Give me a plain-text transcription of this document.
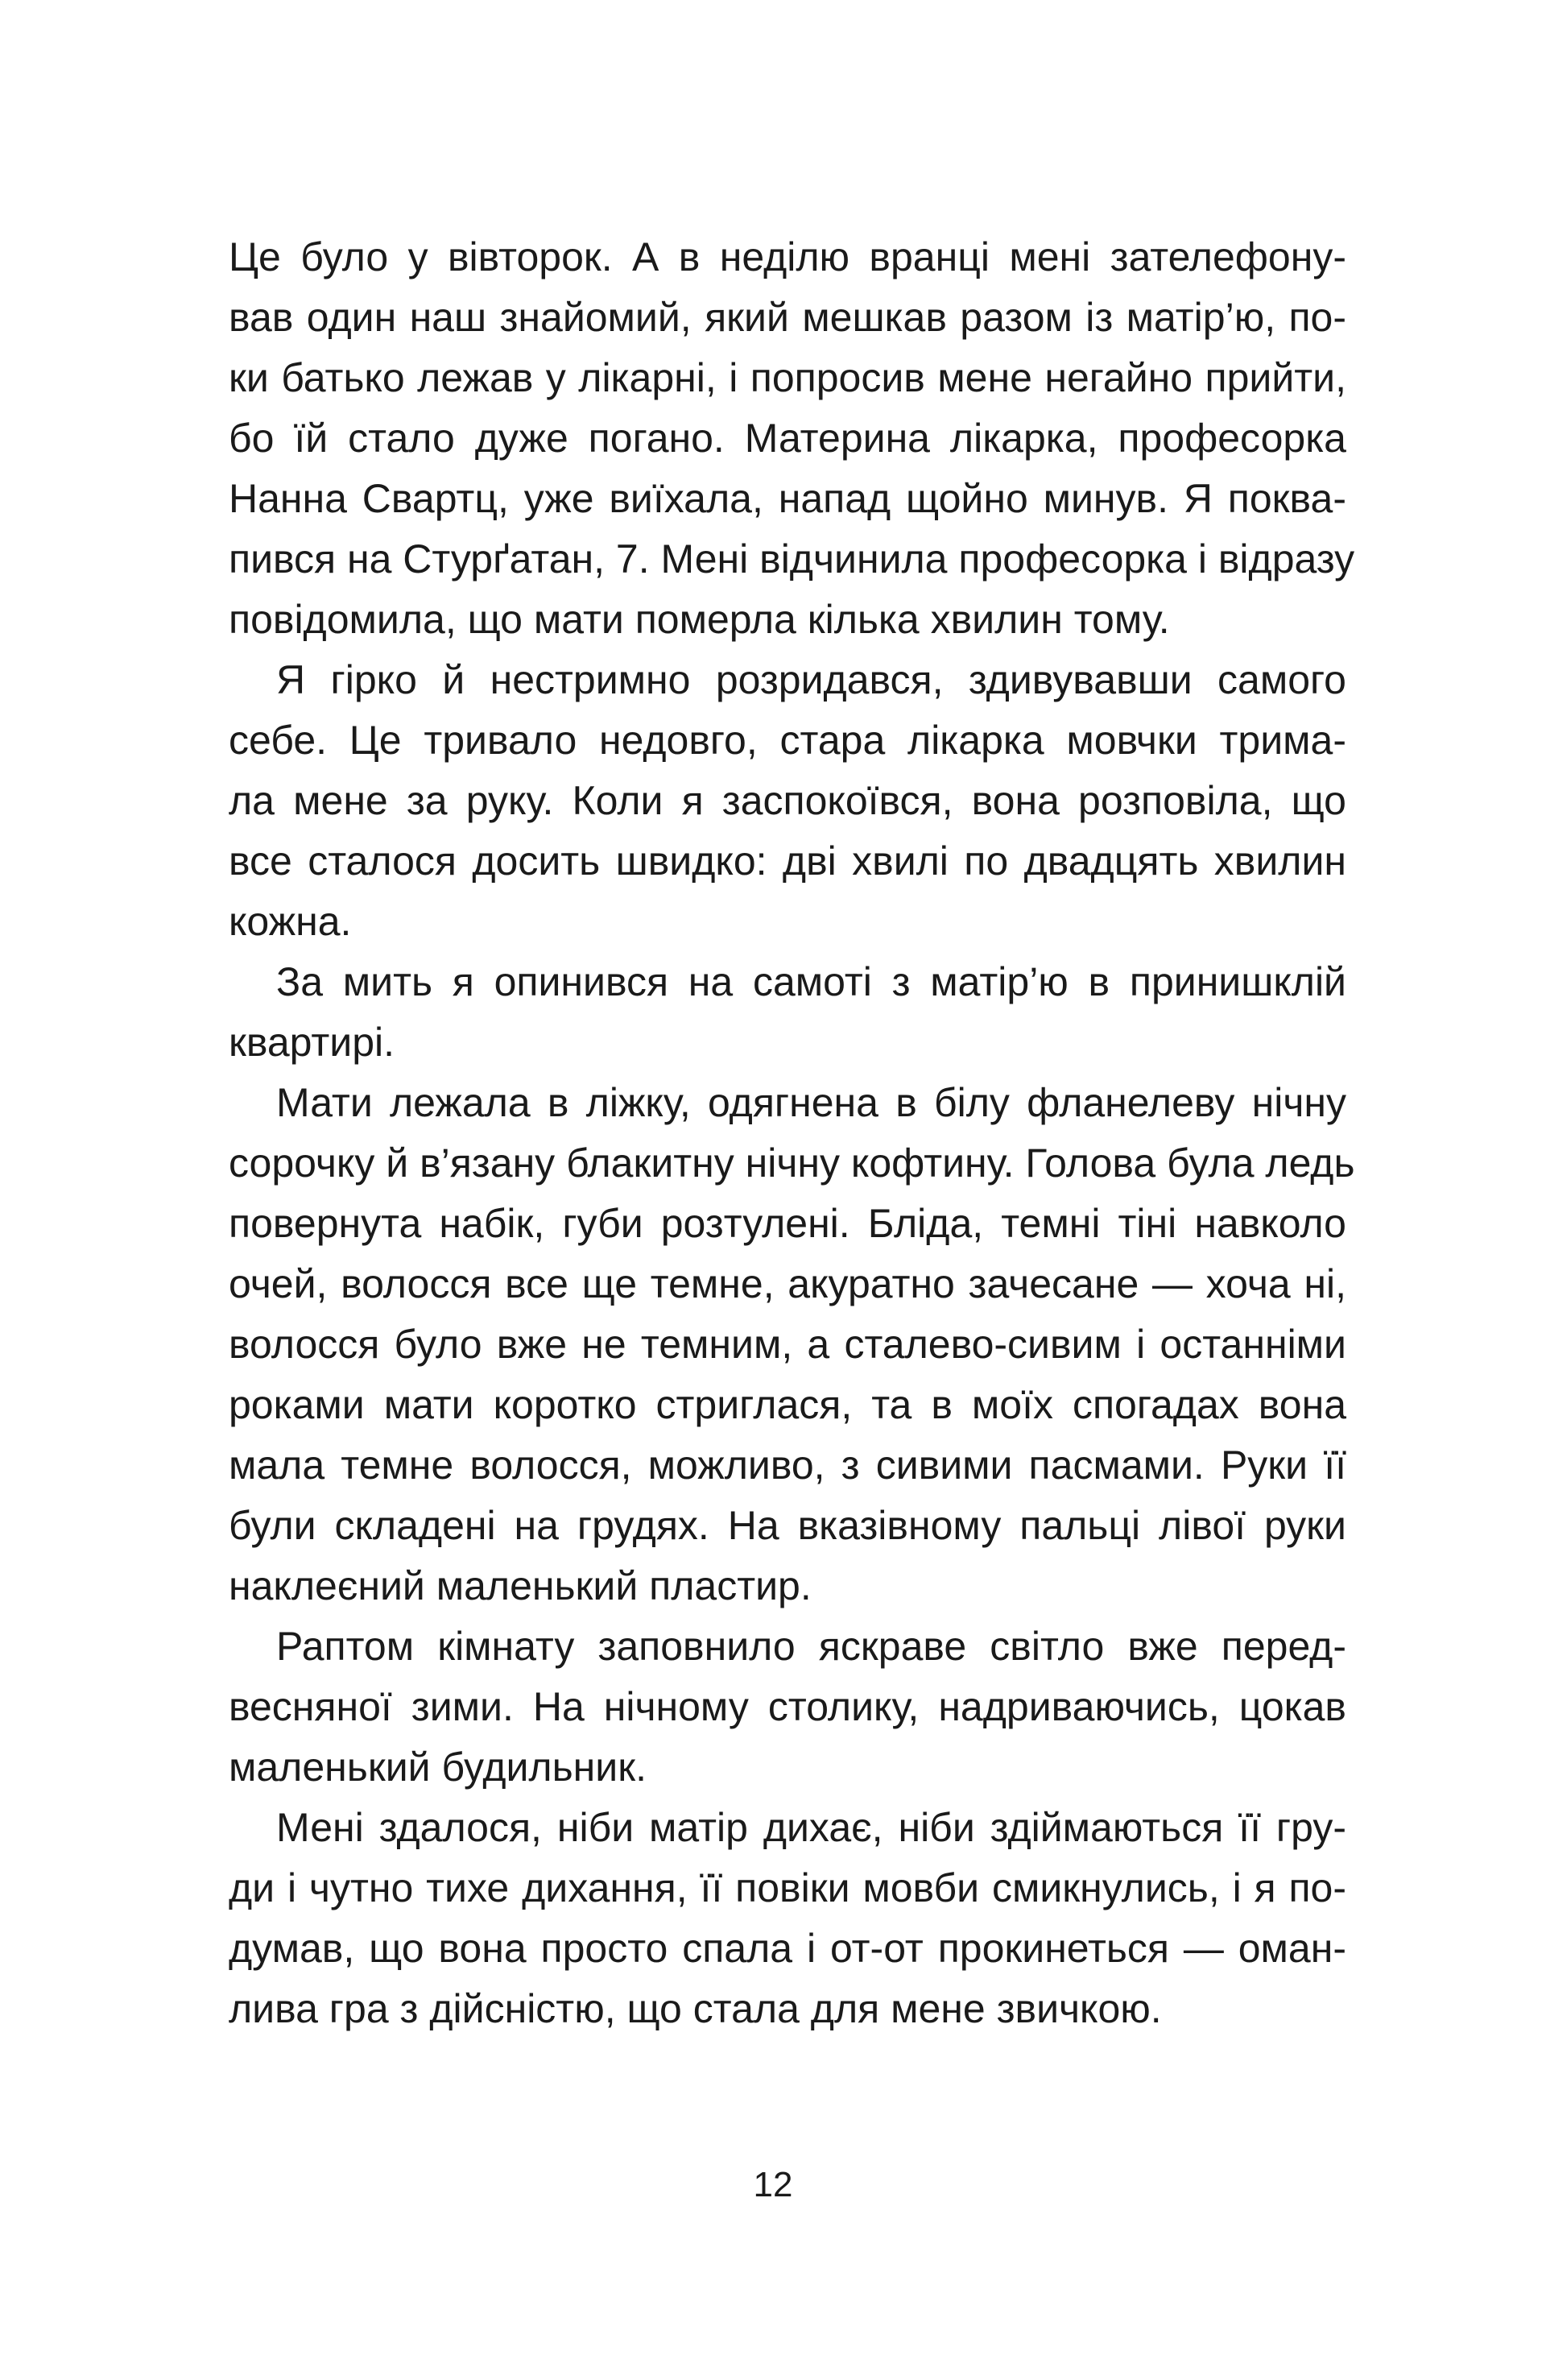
Це було у вівторок. А в неділю вранці мені зателефону-
вав один наш знайомий, який мешкав разом із матір’ю, по-
ки батько лежав у лікарні, і попросив мене негайно прийти,
бо їй стало дуже погано. Материна лікарка, професорка
Нанна Свартц, уже виїхала, напад щойно минув. Я поква-
пився на Стурґатан, 7. Мені відчинила професорка і відразу
повідомила, що мати померла кілька хвилин тому.
Я гірко й нестримно розридався, здивувавши самого
себе. Це тривало недовго, стара лікарка мовчки трима-
ла мене за руку. Коли я заспокоївся, вона розповіла, що
все сталося досить швидко: дві хвилі по двадцять хвилин
кожна.
За мить я опинився на самоті з матір’ю в принишклій
квартирі.
Мати лежала в ліжку, одягнена в білу фланелеву нічну
сорочку й в’язану блакитну нічну кофтину. Голова була ледь
повернута набік, губи розтулені. Бліда, темні тіні навколо
очей, волосся все ще темне, акуратно зачесане — хоча ні,
волосся було вже не темним, а сталево-сивим і останніми
роками мати коротко стриглася, та в моїх спогадах вона
мала темне волосся, можливо, з сивими пасмами. Руки її
були складені на грудях. На вказівному пальці лівої руки
наклеєний маленький пластир.
Раптом кімнату заповнило яскраве світло вже перед-
весняної зими. На нічному столику, надриваючись, цокав
маленький будильник.
Мені здалося, ніби матір дихає, ніби здіймаються її гру-
ди і чутно тихе дихання, її повіки мовби смикнулись, і я по-
думав, що вона просто спала і от-от прокинеться — оман-
лива гра з дійсністю, що стала для мене звичкою.
12
